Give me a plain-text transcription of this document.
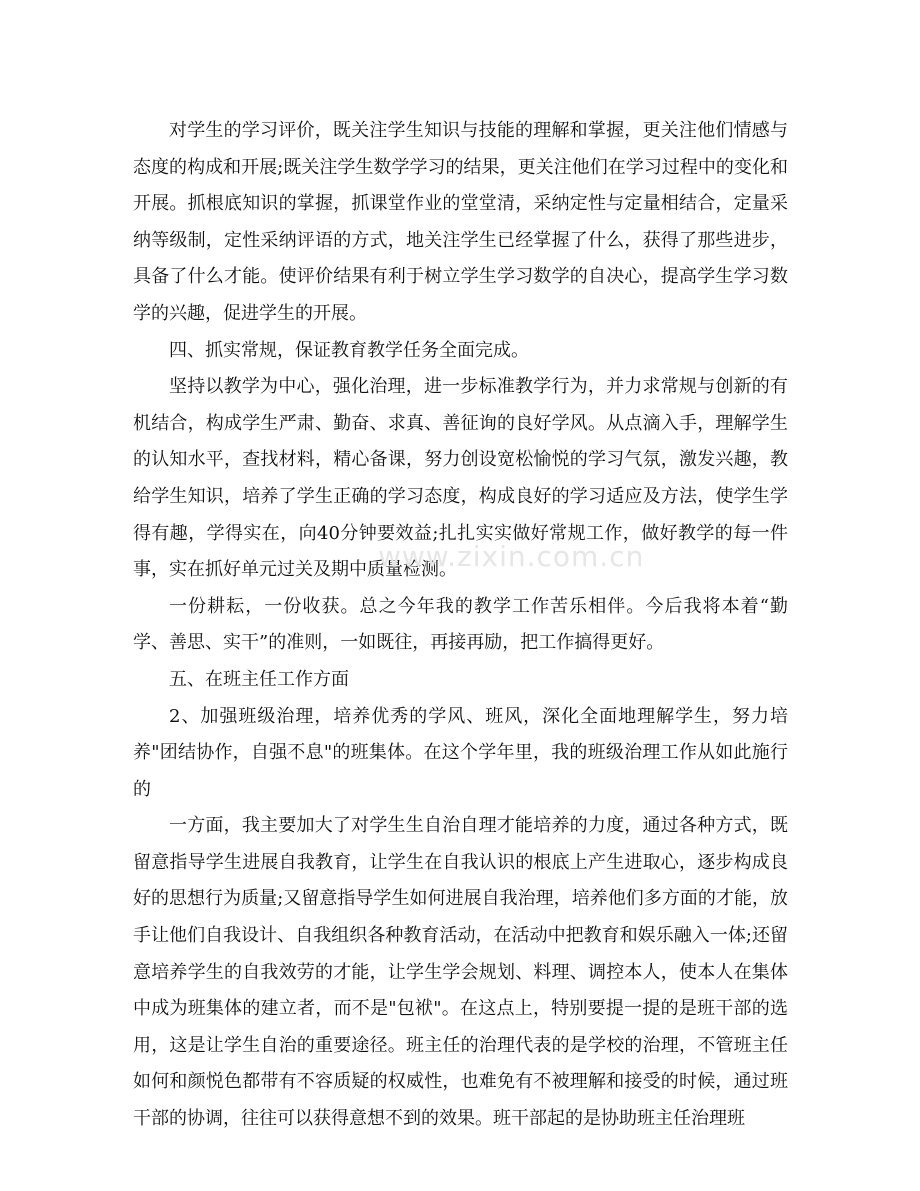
对学生的学习评价，既关注学生知识与技能的理解和掌握，更关注他们情感与态度的构成和开展;既关注学生数学学习的结果，更关注他们在学习过程中的变化和开展。抓根底知识的掌握，抓课堂作业的堂堂清，采纳定性与定量相结合，定量采纳等级制，定性采纳评语的方式，地关注学生已经掌握了什么，获得了那些进步，具备了什么才能。使评价结果有利于树立学生学习数学的自决心，提高学生学习数学的兴趣，促进学生的开展。

四、抓实常规，保证教育教学任务全面完成。

坚持以教学为中心，强化治理，进一步标准教学行为，并力求常规与创新的有机结合，构成学生严肃、勤奋、求真、善征询的良好学风。从点滴入手，理解学生的认知水平，查找材料，精心备课，努力创设宽松愉悦的学习气氛，激发兴趣，教给学生知识，培养了学生正确的学习态度，构成良好的学习适应及方法，使学生学得有趣，学得实在，向40分钟要效益;扎扎实实做好常规工作，做好教学的每一件事，实在抓好单元过关及期中质量检测。

一份耕耘，一份收获。总之今年我的教学工作苦乐相伴。今后我将本着“勤学、善思、实干”的准则，一如既往，再接再励，把工作搞得更好。

五、在班主任工作方面

2、加强班级治理，培养优秀的学风、班风，深化全面地理解学生，努力培养"团结协作，自强不息"的班集体。在这个学年里，我的班级治理工作从如此施行的

一方面，我主要加大了对学生生自治自理才能培养的力度，通过各种方式，既留意指导学生进展自我教育，让学生在自我认识的根底上产生进取心，逐步构成良好的思想行为质量;又留意指导学生如何进展自我治理，培养他们多方面的才能，放手让他们自我设计、自我组织各种教育活动，在活动中把教育和娱乐融入一体;还留意培养学生的自我效劳的才能，让学生学会规划、料理、调控本人，使本人在集体中成为班集体的建立者，而不是"包袱"。在这点上，特别要提一提的是班干部的选用，这是让学生自治的重要途径。班主任的治理代表的是学校的治理，不管班主任如何和颜悦色都带有不容质疑的权威性，也难免有不被理解和接受的时候，通过班干部的协调，往往可以获得意想不到的效果。班干部起的是协助班主任治理班

www.zixin.com.cn
